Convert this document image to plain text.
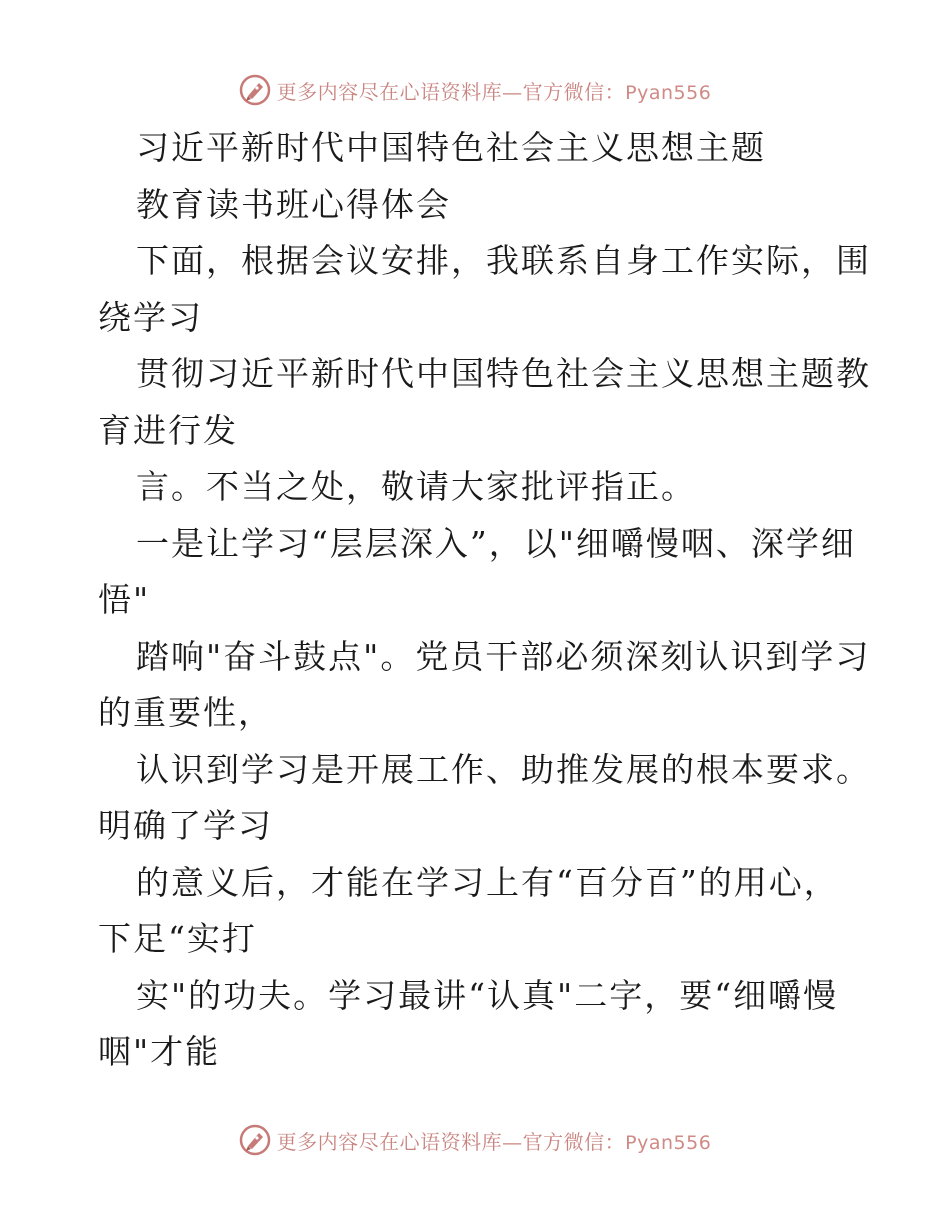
更多内容尽在心语资料库—官方微信：Pyan556
习近平新时代中国特色社会主义思想主题
教育读书班心得体会
下面，根据会议安排，我联系自身工作实际，围
绕学习
贯彻习近平新时代中国特色社会主义思想主题教
育进行发
言。不当之处，敬请大家批评指正。
一是让学习“层层深入”，以"细嚼慢咽、深学细
悟"
踏响"奋斗鼓点"。党员干部必须深刻认识到学习
的重要性，
认识到学习是开展工作、助推发展的根本要求。
明确了学习
的意义后，才能在学习上有“百分百”的用心，
下足“实打
实"的功夫。学习最讲“认真"二字，要“细嚼慢
咽"才能
更多内容尽在心语资料库—官方微信：Pyan556
